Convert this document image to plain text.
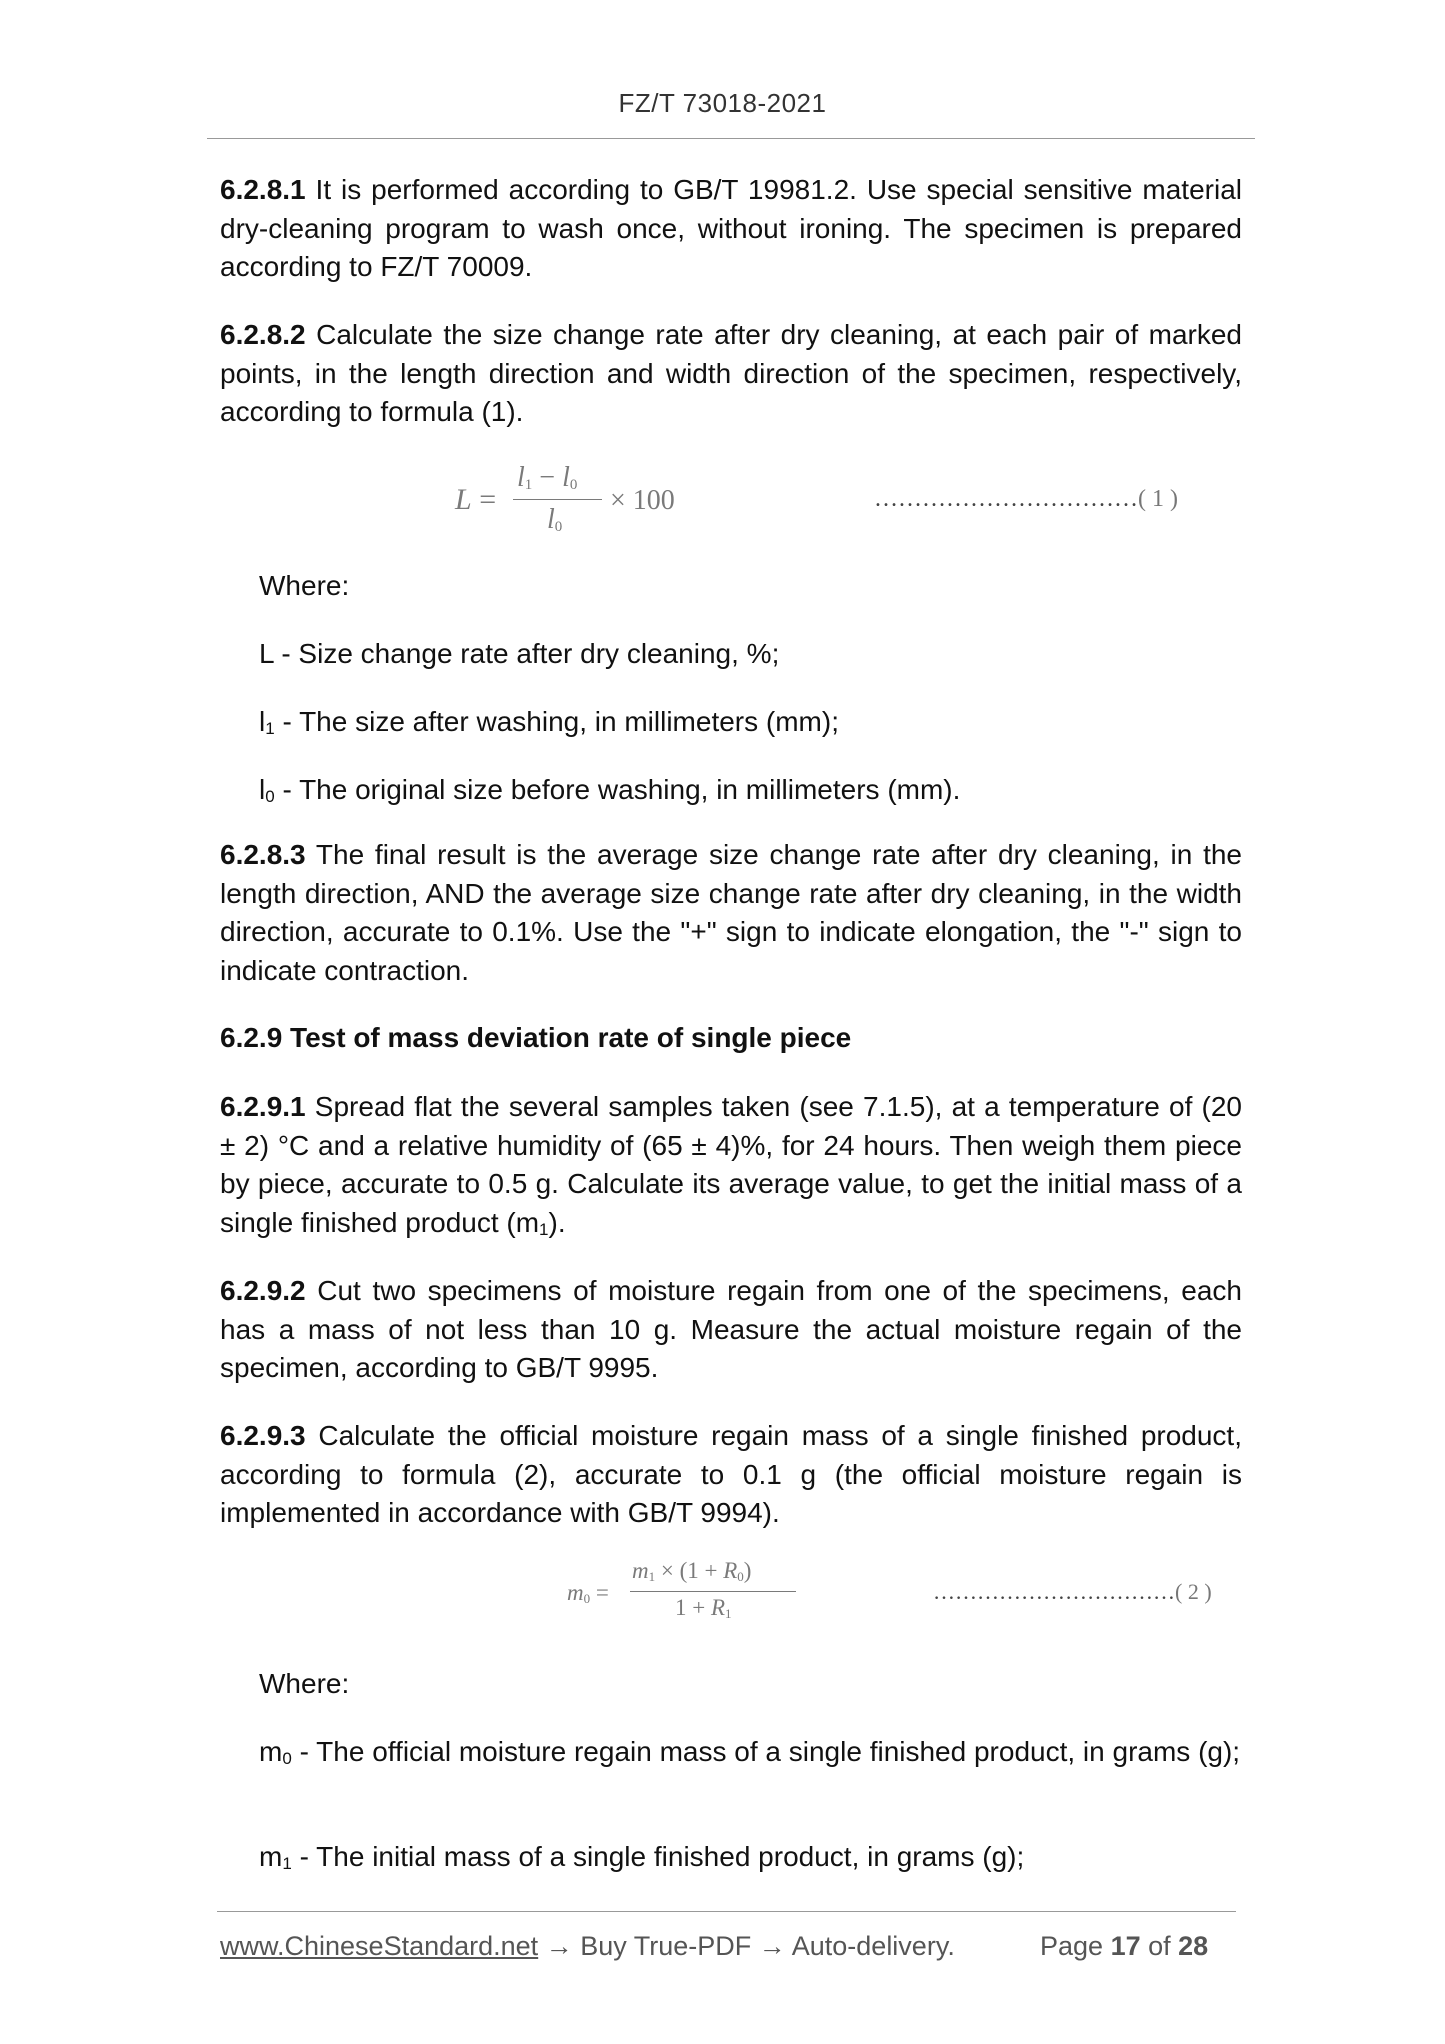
FZ/T 73018-2021

6.2.8.1 It is performed according to GB/T 19981.2. Use special sensitive material dry-cleaning program to wash once, without ironing. The specimen is prepared according to FZ/T 70009.

6.2.8.2 Calculate the size change rate after dry cleaning, at each pair of marked points, in the length direction and width direction of the specimen, respectively, according to formula (1).

L =
l1 − l0
l0
× 100	……………………………( 1 )
Where:
L - Size change rate after dry cleaning, %;
l1 - The size after washing, in millimeters (mm);
l0 - The original size before washing, in millimeters (mm).

6.2.8.3 The final result is the average size change rate after dry cleaning, in the length direction, AND the average size change rate after dry cleaning, in the width direction, accurate to 0.1%. Use the "+" sign to indicate elongation, the "-" sign to indicate contraction.

6.2.9 Test of mass deviation rate of single piece

6.2.9.1 Spread flat the several samples taken (see 7.1.5), at a temperature of (20 ± 2) °C and a relative humidity of (65 ± 4)%, for 24 hours. Then weigh them piece by piece, accurate to 0.5 g. Calculate its average value, to get the initial mass of a single finished product (m1).

6.2.9.2 Cut two specimens of moisture regain from one of the specimens, each has a mass of not less than 10 g. Measure the actual moisture regain of the specimen, according to GB/T 9995.

6.2.9.3 Calculate the official moisture regain mass of a single finished product, according to formula (2), accurate to 0.1 g (the official moisture regain is implemented in accordance with GB/T 9994).

m0 =
m1 × (1 + R0)
1 + R1
……………………………( 2 )
Where:
m0 - The official moisture regain mass of a single finished product, in grams (g);
m1 - The initial mass of a single finished product, in grams (g);
www.ChineseStandard.net → Buy True-PDF → Auto-delivery.	Page 17 of 28
